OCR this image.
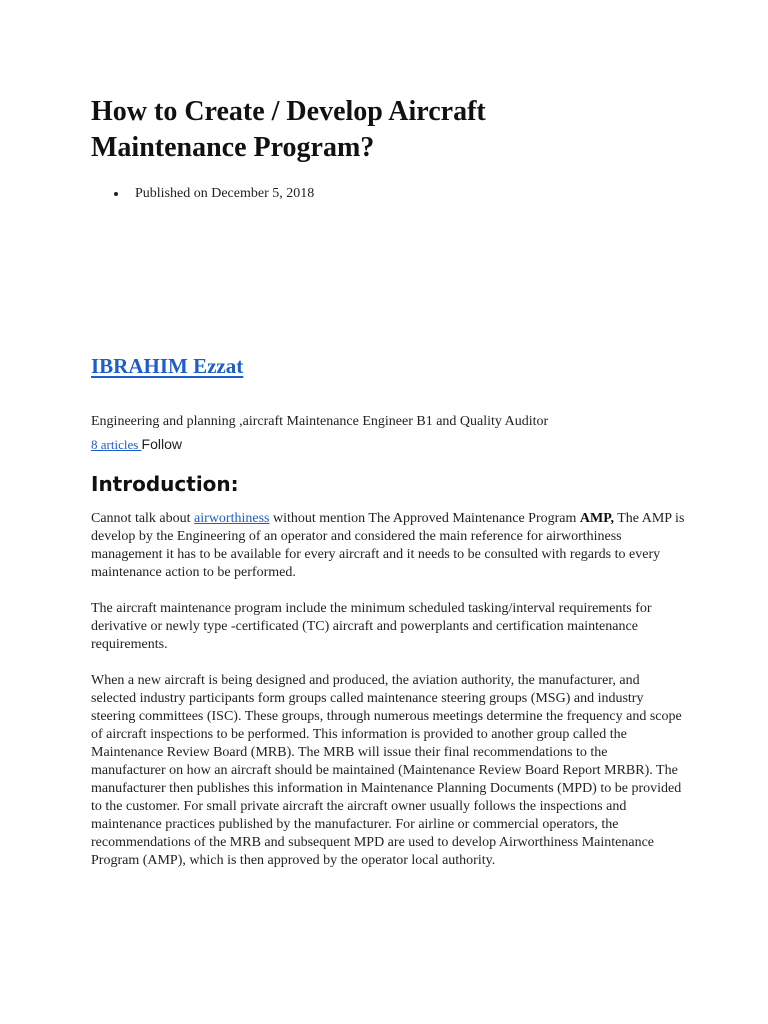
How to Create / Develop Aircraft Maintenance Program?
Published on December 5, 2018
IBRAHIM Ezzat
Engineering and planning ,aircraft Maintenance Engineer B1 and Quality Auditor
8 articles Follow
Introduction:

Cannot talk about airworthiness without mention The Approved Maintenance Program AMP, The AMP is develop by the Engineering of an operator and considered the main reference for airworthiness management it has to be available for every aircraft and it needs to be consulted with regards to every maintenance action to be performed.

The aircraft maintenance program include the minimum scheduled tasking/interval requirements for derivative or newly type -certificated (TC) aircraft and powerplants and certification maintenance requirements.

When a new aircraft is being designed and produced, the aviation authority, the manufacturer, and selected industry participants form groups called maintenance steering groups (MSG) and industry steering committees (ISC). These groups, through numerous meetings determine the frequency and scope of aircraft inspections to be performed. This information is provided to another group called the Maintenance Review Board (MRB). The MRB will issue their final recommendations to the manufacturer on how an aircraft should be maintained (Maintenance Review Board Report MRBR). The manufacturer then publishes this information in Maintenance Planning Documents (MPD) to be provided to the customer. For small private aircraft the aircraft owner usually follows the inspections and maintenance practices published by the manufacturer. For airline or commercial operators, the recommendations of the MRB and subsequent MPD are used to develop Airworthiness Maintenance Program (AMP), which is then approved by the operator local authority.
